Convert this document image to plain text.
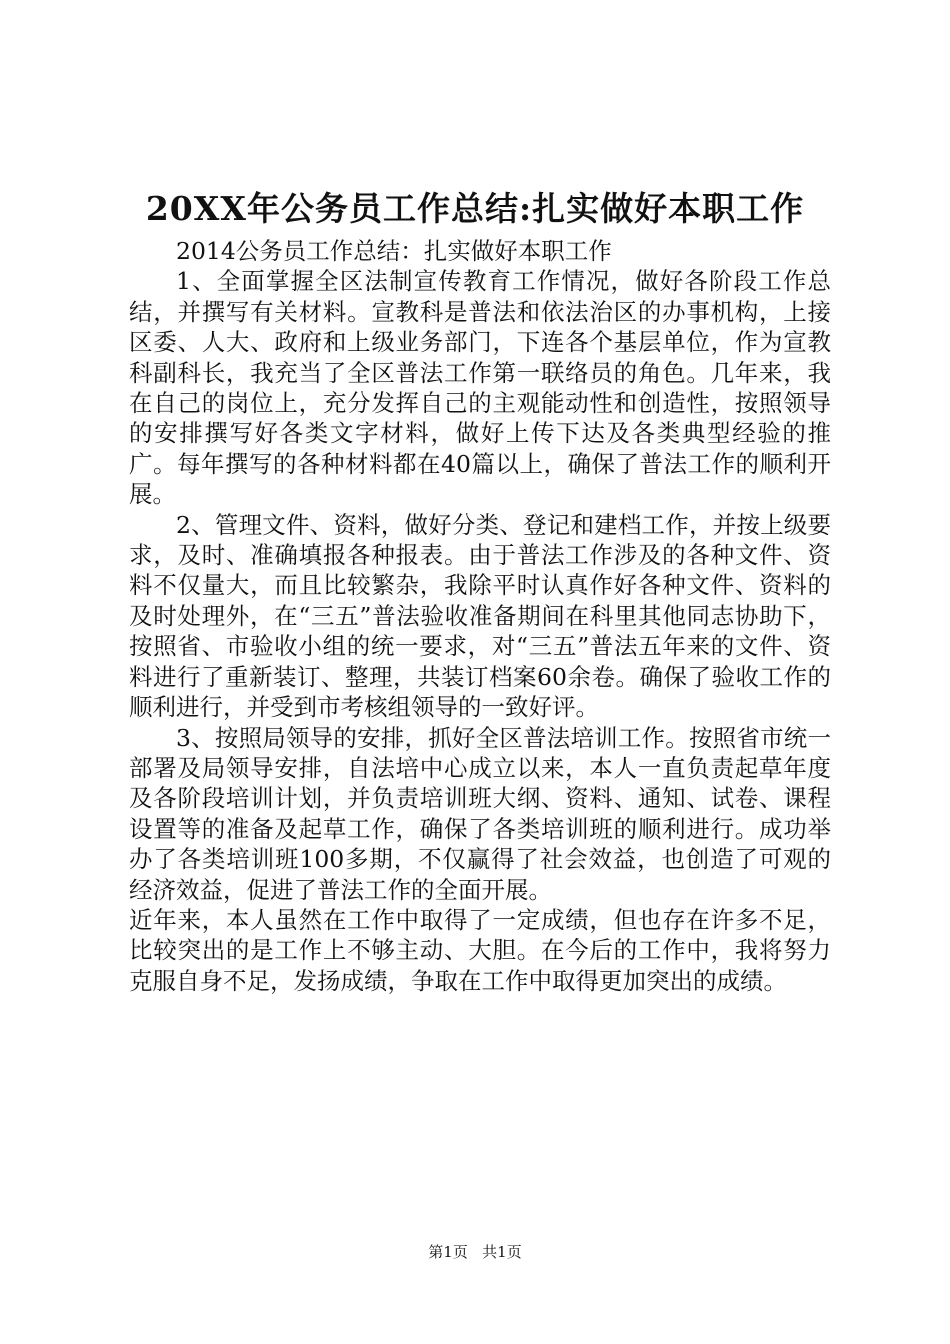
20XX年公务员工作总结:扎实做好本职工作

2014公务员工作总结：扎实做好本职工作

1、全面掌握全区法制宣传教育工作情况，做好各阶段工作总结，并撰写有关材料。宣教科是普法和依法治区的办事机构，上接区委、人大、政府和上级业务部门，下连各个基层单位，作为宣教科副科长，我充当了全区普法工作第一联络员的角色。几年来，我在自己的岗位上，充分发挥自己的主观能动性和创造性，按照领导的安排撰写好各类文字材料，做好上传下达及各类典型经验的推广。每年撰写的各种材料都在40篇以上，确保了普法工作的顺利开展。

2、管理文件、资料，做好分类、登记和建档工作，并按上级要求，及时、准确填报各种报表。由于普法工作涉及的各种文件、资料不仅量大，而且比较繁杂，我除平时认真作好各种文件、资料的及时处理外，在“三五”普法验收准备期间在科里其他同志协助下，按照省、市验收小组的统一要求，对“三五”普法五年来的文件、资料进行了重新装订、整理，共装订档案60余卷。确保了验收工作的顺利进行，并受到市考核组领导的一致好评。

3、按照局领导的安排，抓好全区普法培训工作。按照省市统一部署及局领导安排，自法培中心成立以来，本人一直负责起草年度及各阶段培训计划，并负责培训班大纲、资料、通知、试卷、课程设置等的准备及起草工作，确保了各类培训班的顺利进行。成功举办了各类培训班100多期，不仅赢得了社会效益，也创造了可观的经济效益，促进了普法工作的全面开展。

近年来，本人虽然在工作中取得了一定成绩，但也存在许多不足，比较突出的是工作上不够主动、大胆。在今后的工作中，我将努力克服自身不足，发扬成绩，争取在工作中取得更加突出的成绩。

第1页 共1页
